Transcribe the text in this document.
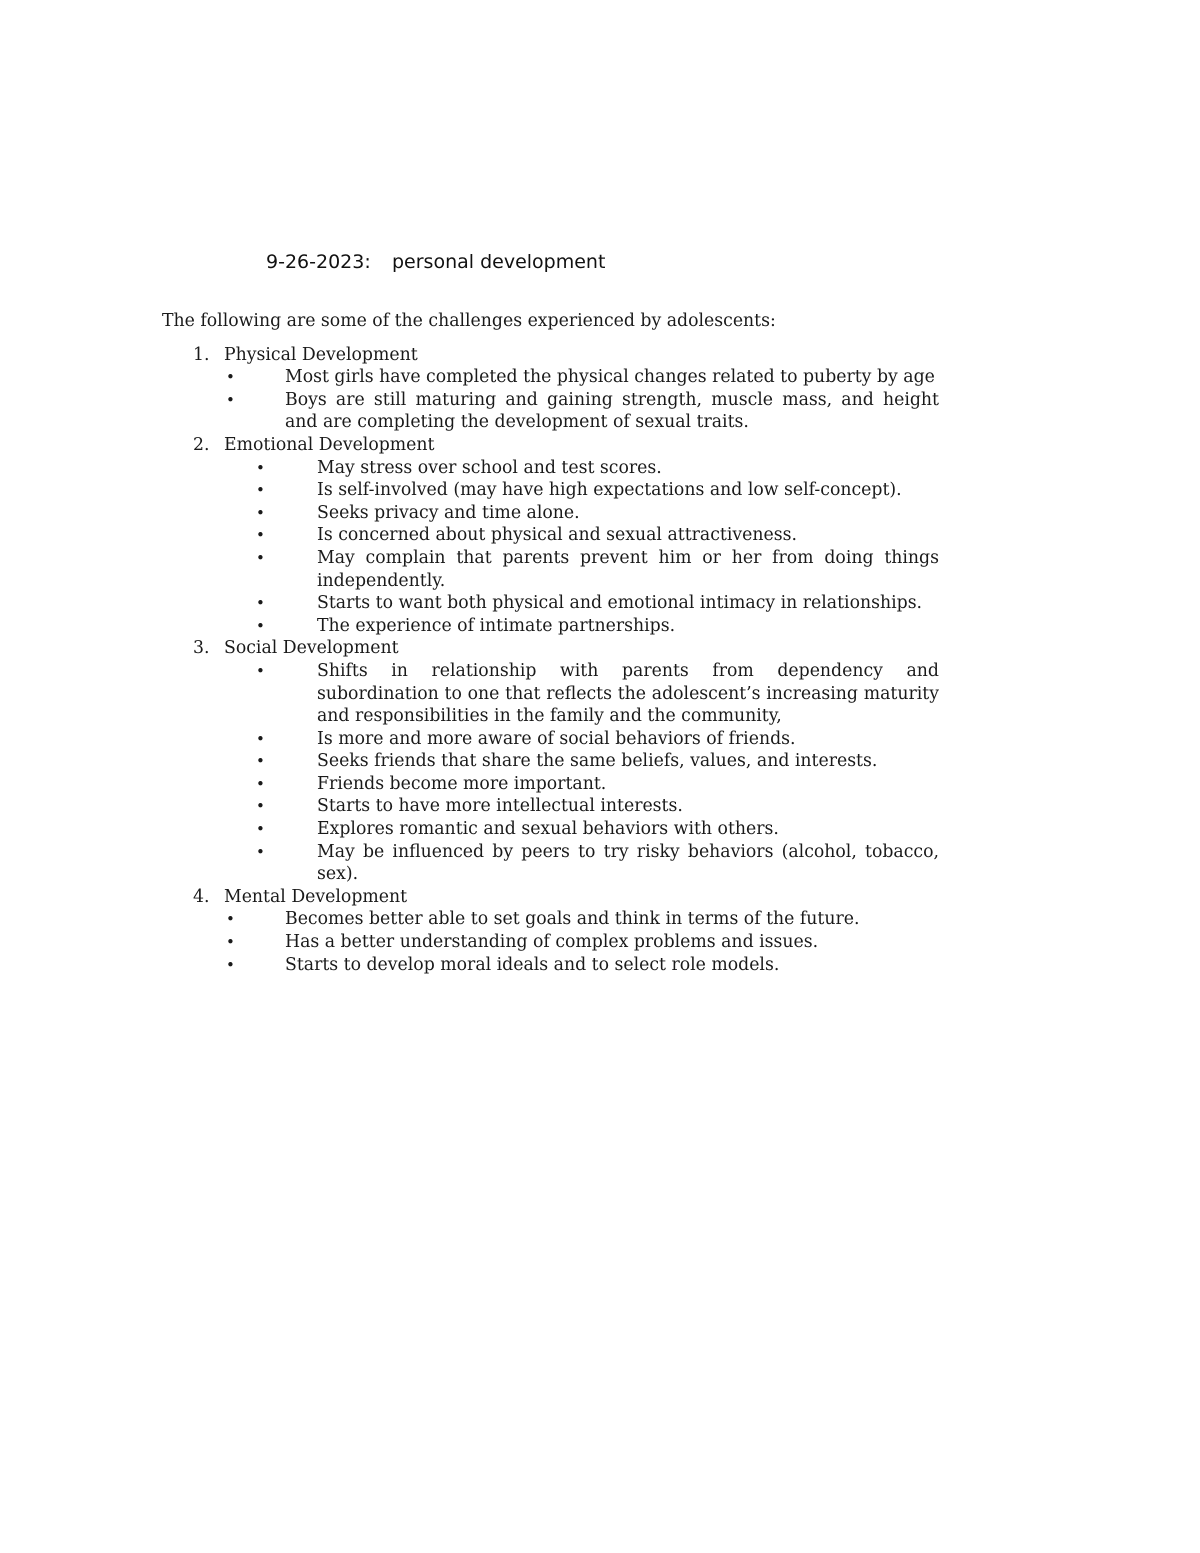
9-26-2023: personal development

The following are some of the challenges experienced by adolescents:

1. Physical Development
•	Most girls have completed the physical changes related to puberty by age
•	Boys are still maturing and gaining strength, muscle mass, and height and are completing the development of sexual traits.
2. Emotional Development
•	May stress over school and test scores.
•	Is self-involved (may have high expectations and low self-concept).
•	Seeks privacy and time alone.
•	Is concerned about physical and sexual attractiveness.
•	May complain that parents prevent him or her from doing things independently.
•	Starts to want both physical and emotional intimacy in relationships.
•	The experience of intimate partnerships.
3. Social Development
•	Shifts in relationship with parents from dependency and subordination to one that reflects the adolescent’s increasing maturity and responsibilities in the family and the community,
•	Is more and more aware of social behaviors of friends.
•	Seeks friends that share the same beliefs, values, and interests.
•	Friends become more important.
•	Starts to have more intellectual interests.
•	Explores romantic and sexual behaviors with others.
•	May be influenced by peers to try risky behaviors (alcohol, tobacco, sex).
4. Mental Development
•	Becomes better able to set goals and think in terms of the future.
•	Has a better understanding of complex problems and issues.
•	Starts to develop moral ideals and to select role models.
